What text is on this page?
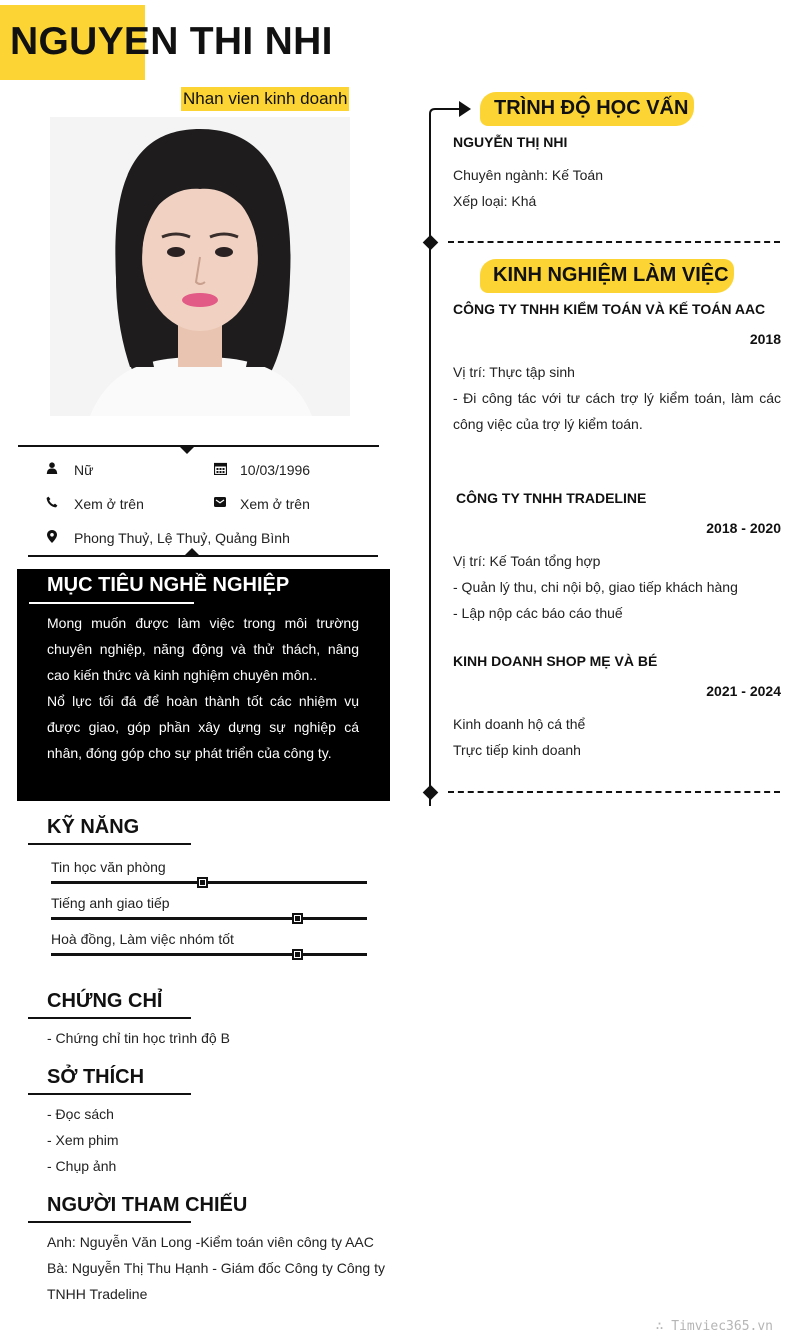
NGUYEN THI NHI
Nhan vien kinh doanh
Nữ	10/03/1996
Xem ở trên	Xem ở trên
Phong Thuỷ, Lệ Thuỷ, Quảng Bình
MỤC TIÊU NGHỀ NGHIỆP
Mong muốn được làm việc trong môi trường chuyên nghiệp, năng động và thử thách, nâng cao kiến thức và kinh nghiệm chuyên môn..
Nổ lực tối đá để hoàn thành tốt các nhiệm vụ được giao, góp phần xây dựng sự nghiệp cá nhân, đóng góp cho sự phát triển của công ty.
KỸ NĂNG
Tin học văn phòng
Tiếng anh giao tiếp
Hoà đồng, Làm việc nhóm tốt
CHỨNG CHỈ
- Chứng chỉ tin học trình độ B
SỞ THÍCH
- Đọc sách
- Xem phim
- Chụp ảnh
NGƯỜI THAM CHIẾU
Anh: Nguyễn Văn Long -Kiểm toán viên công ty AAC
Bà: Nguyễn Thị Thu Hạnh - Giám đốc Công ty Công ty
TNHH Tradeline
TRÌNH ĐỘ HỌC VẤN
NGUYỄN THỊ NHI
Chuyên ngành: Kế Toán
Xếp loại: Khá
KINH NGHIỆM LÀM VIỆC
CÔNG TY TNHH KIỂM TOÁN VÀ KẾ TOÁN AAC
2018
Vị trí: Thực tập sinh
- Đi công tác với tư cách trợ lý kiểm toán, làm các công việc của trợ lý kiểm toán.
CÔNG TY TNHH TRADELINE
2018 - 2020
Vị trí: Kế Toán tổng hợp
- Quản lý thu, chi nội bộ, giao tiếp khách hàng
- Lập nộp các báo cáo thuế
KINH DOANH SHOP MẸ VÀ BÉ
2021 - 2024
Kinh doanh hộ cá thể
Trực tiếp kinh doanh
∴ Timviec365.vn
